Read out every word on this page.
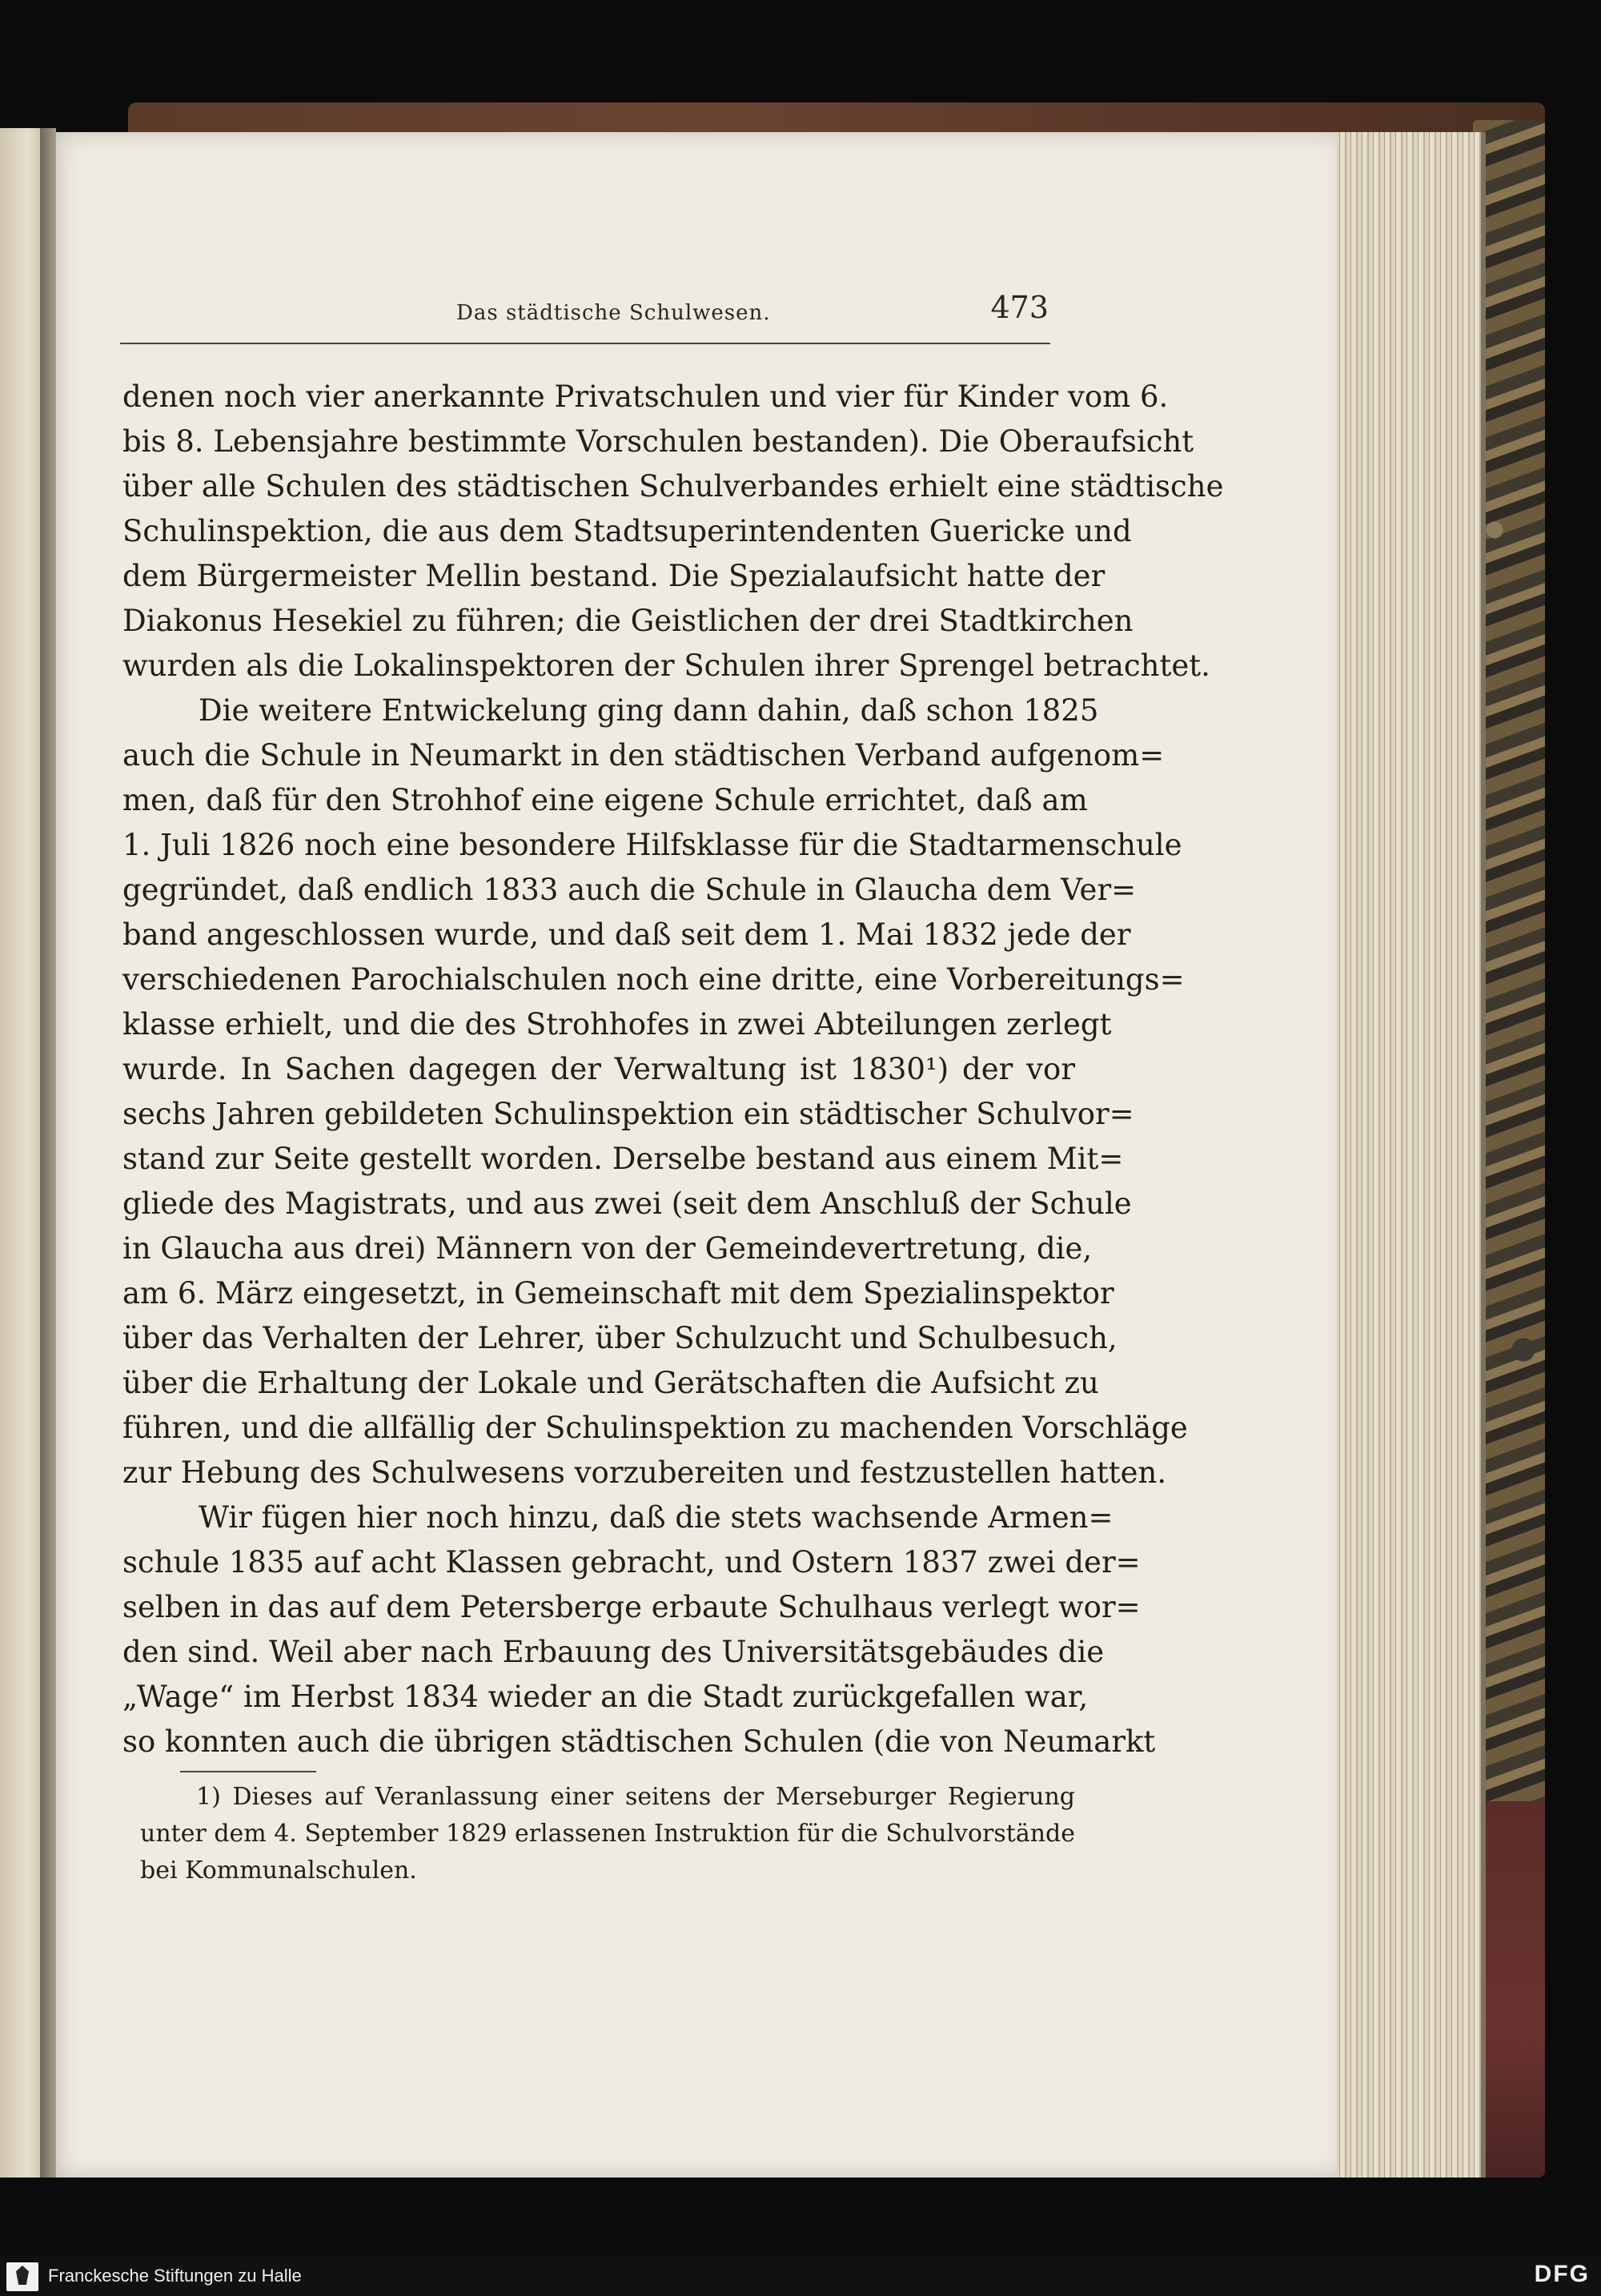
Das städtische Schulwesen.	473
denen noch vier anerkannte Privatschulen und vier für Kinder vom 6.
bis 8. Lebensjahre bestimmte Vorschulen bestanden). Die Oberaufsicht
über alle Schulen des städtischen Schulverbandes erhielt eine städtische
Schulinspektion, die aus dem Stadtsuperintendenten Guericke und
dem Bürgermeister Mellin bestand. Die Spezialaufsicht hatte der
Diakonus Hesekiel zu führen; die Geistlichen der drei Stadtkirchen
wurden als die Lokalinspektoren der Schulen ihrer Sprengel betrachtet.
Die weitere Entwickelung ging dann dahin, daß schon 1825
auch die Schule in Neumarkt in den städtischen Verband aufgenom=
men, daß für den Strohhof eine eigene Schule errichtet, daß am
1. Juli 1826 noch eine besondere Hilfsklasse für die Stadtarmenschule
gegründet, daß endlich 1833 auch die Schule in Glaucha dem Ver=
band angeschlossen wurde, und daß seit dem 1. Mai 1832 jede der
verschiedenen Parochialschulen noch eine dritte, eine Vorbereitungs=
klasse erhielt, und die des Strohhofes in zwei Abteilungen zerlegt
wurde. In Sachen dagegen der Verwaltung ist 1830¹) der vor
sechs Jahren gebildeten Schulinspektion ein städtischer Schulvor=
stand zur Seite gestellt worden. Derselbe bestand aus einem Mit=
gliede des Magistrats, und aus zwei (seit dem Anschluß der Schule
in Glaucha aus drei) Männern von der Gemeindevertretung, die,
am 6. März eingesetzt, in Gemeinschaft mit dem Spezialinspektor
über das Verhalten der Lehrer, über Schulzucht und Schulbesuch,
über die Erhaltung der Lokale und Gerätschaften die Aufsicht zu
führen, und die allfällig der Schulinspektion zu machenden Vorschläge
zur Hebung des Schulwesens vorzubereiten und festzustellen hatten.
Wir fügen hier noch hinzu, daß die stets wachsende Armen=
schule 1835 auf acht Klassen gebracht, und Ostern 1837 zwei der=
selben in das auf dem Petersberge erbaute Schulhaus verlegt wor=
den sind. Weil aber nach Erbauung des Universitätsgebäudes die
„Wage“ im Herbst 1834 wieder an die Stadt zurückgefallen war,
so konnten auch die übrigen städtischen Schulen (die von Neumarkt
1) Dieses auf Veranlassung einer seitens der Merseburger Regierung
unter dem 4. September 1829 erlassenen Instruktion für die Schulvorstände
bei Kommunalschulen.
Franckesche Stiftungen zu Halle	DFG
